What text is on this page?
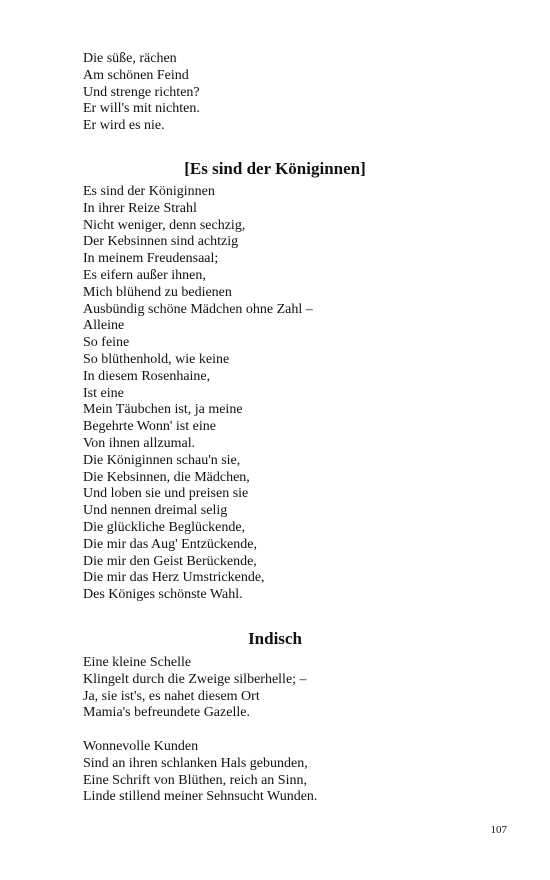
Die süße, rächen
Am schönen Feind
Und strenge richten?
Er will's mit nichten.
Er wird es nie.
[Es sind der Königinnen]
Es sind der Königinnen
In ihrer Reize Strahl
Nicht weniger, denn sechzig,
Der Kebsinnen sind achtzig
In meinem Freudensaal;
Es eifern außer ihnen,
Mich blühend zu bedienen
Ausbündig schöne Mädchen ohne Zahl –
Alleine
So feine
So blüthenhold, wie keine
In diesem Rosenhaine,
Ist eine
Mein Täubchen ist, ja meine
Begehrte Wonn' ist eine
Von ihnen allzumal.
Die Königinnen schau'n sie,
Die Kebsinnen, die Mädchen,
Und loben sie und preisen sie
Und nennen dreimal selig
Die glückliche Beglückende,
Die mir das Aug' Entzückende,
Die mir den Geist Berückende,
Die mir das Herz Umstrickende,
Des Königes schönste Wahl.
Indisch
Eine kleine Schelle
Klingelt durch die Zweige silberhelle; –
Ja, sie ist's, es nahet diesem Ort
Mamia's befreundete Gazelle.
Wonnevolle Kunden
Sind an ihren schlanken Hals gebunden,
Eine Schrift von Blüthen, reich an Sinn,
Linde stillend meiner Sehnsucht Wunden.
107
